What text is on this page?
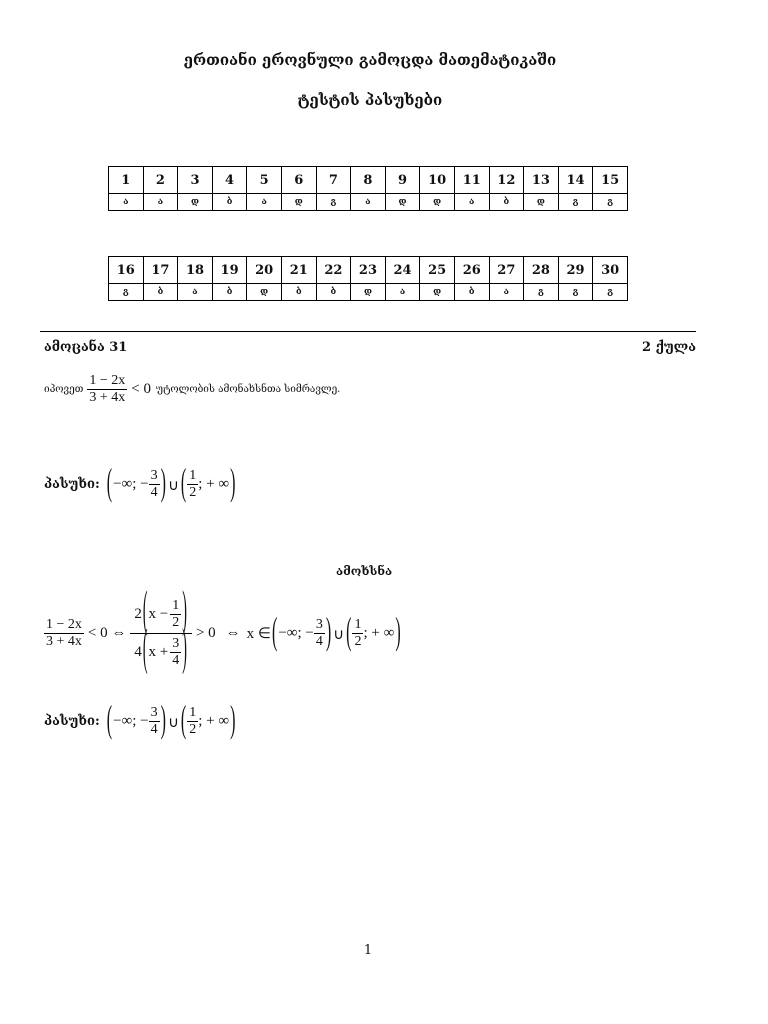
ერთიანი ეროვნული გამოცდა მათემატიკაში
ტესტის პასუხები
1	2	3	4	5	6	7	8	9	10	11	12	13	14	15
ა	ა	დ	ბ	ა	დ	გ	ა	დ	დ	ა	ბ	დ	გ	გ
16	17	18	19	20	21	22	23	24	25	26	27	28	29	30
გ	ბ	ა	ბ	დ	ბ	ბ	დ	ა	დ	ბ	ა	გ	გ	გ
ამოცანა 31	2 ქულა
იპოვეთ $\frac{1 - 2x}{3 + 4x} < 0$ უტოლობის ამონახსნთა სიმრავლე.
პასუხი: ( −∞; − $\frac{3}{4}$ ) ∪ ( $\frac{1}{2}$ ; + ∞ )
ამოხსნა
$\frac{1 - 2x}{3 + 4x} < 0$ ⇔ $\frac{2 ( x - \frac{1}{2} )}{4 ( x + \frac{3}{4} )} > 0$ ⇔ x ∈ ( −∞; − $\frac{3}{4}$ ) ∪ ( $\frac{1}{2}$ ; + ∞ )
პასუხი: ( −∞; − $\frac{3}{4}$ ) ∪ ( $\frac{1}{2}$ ; + ∞ )
1
